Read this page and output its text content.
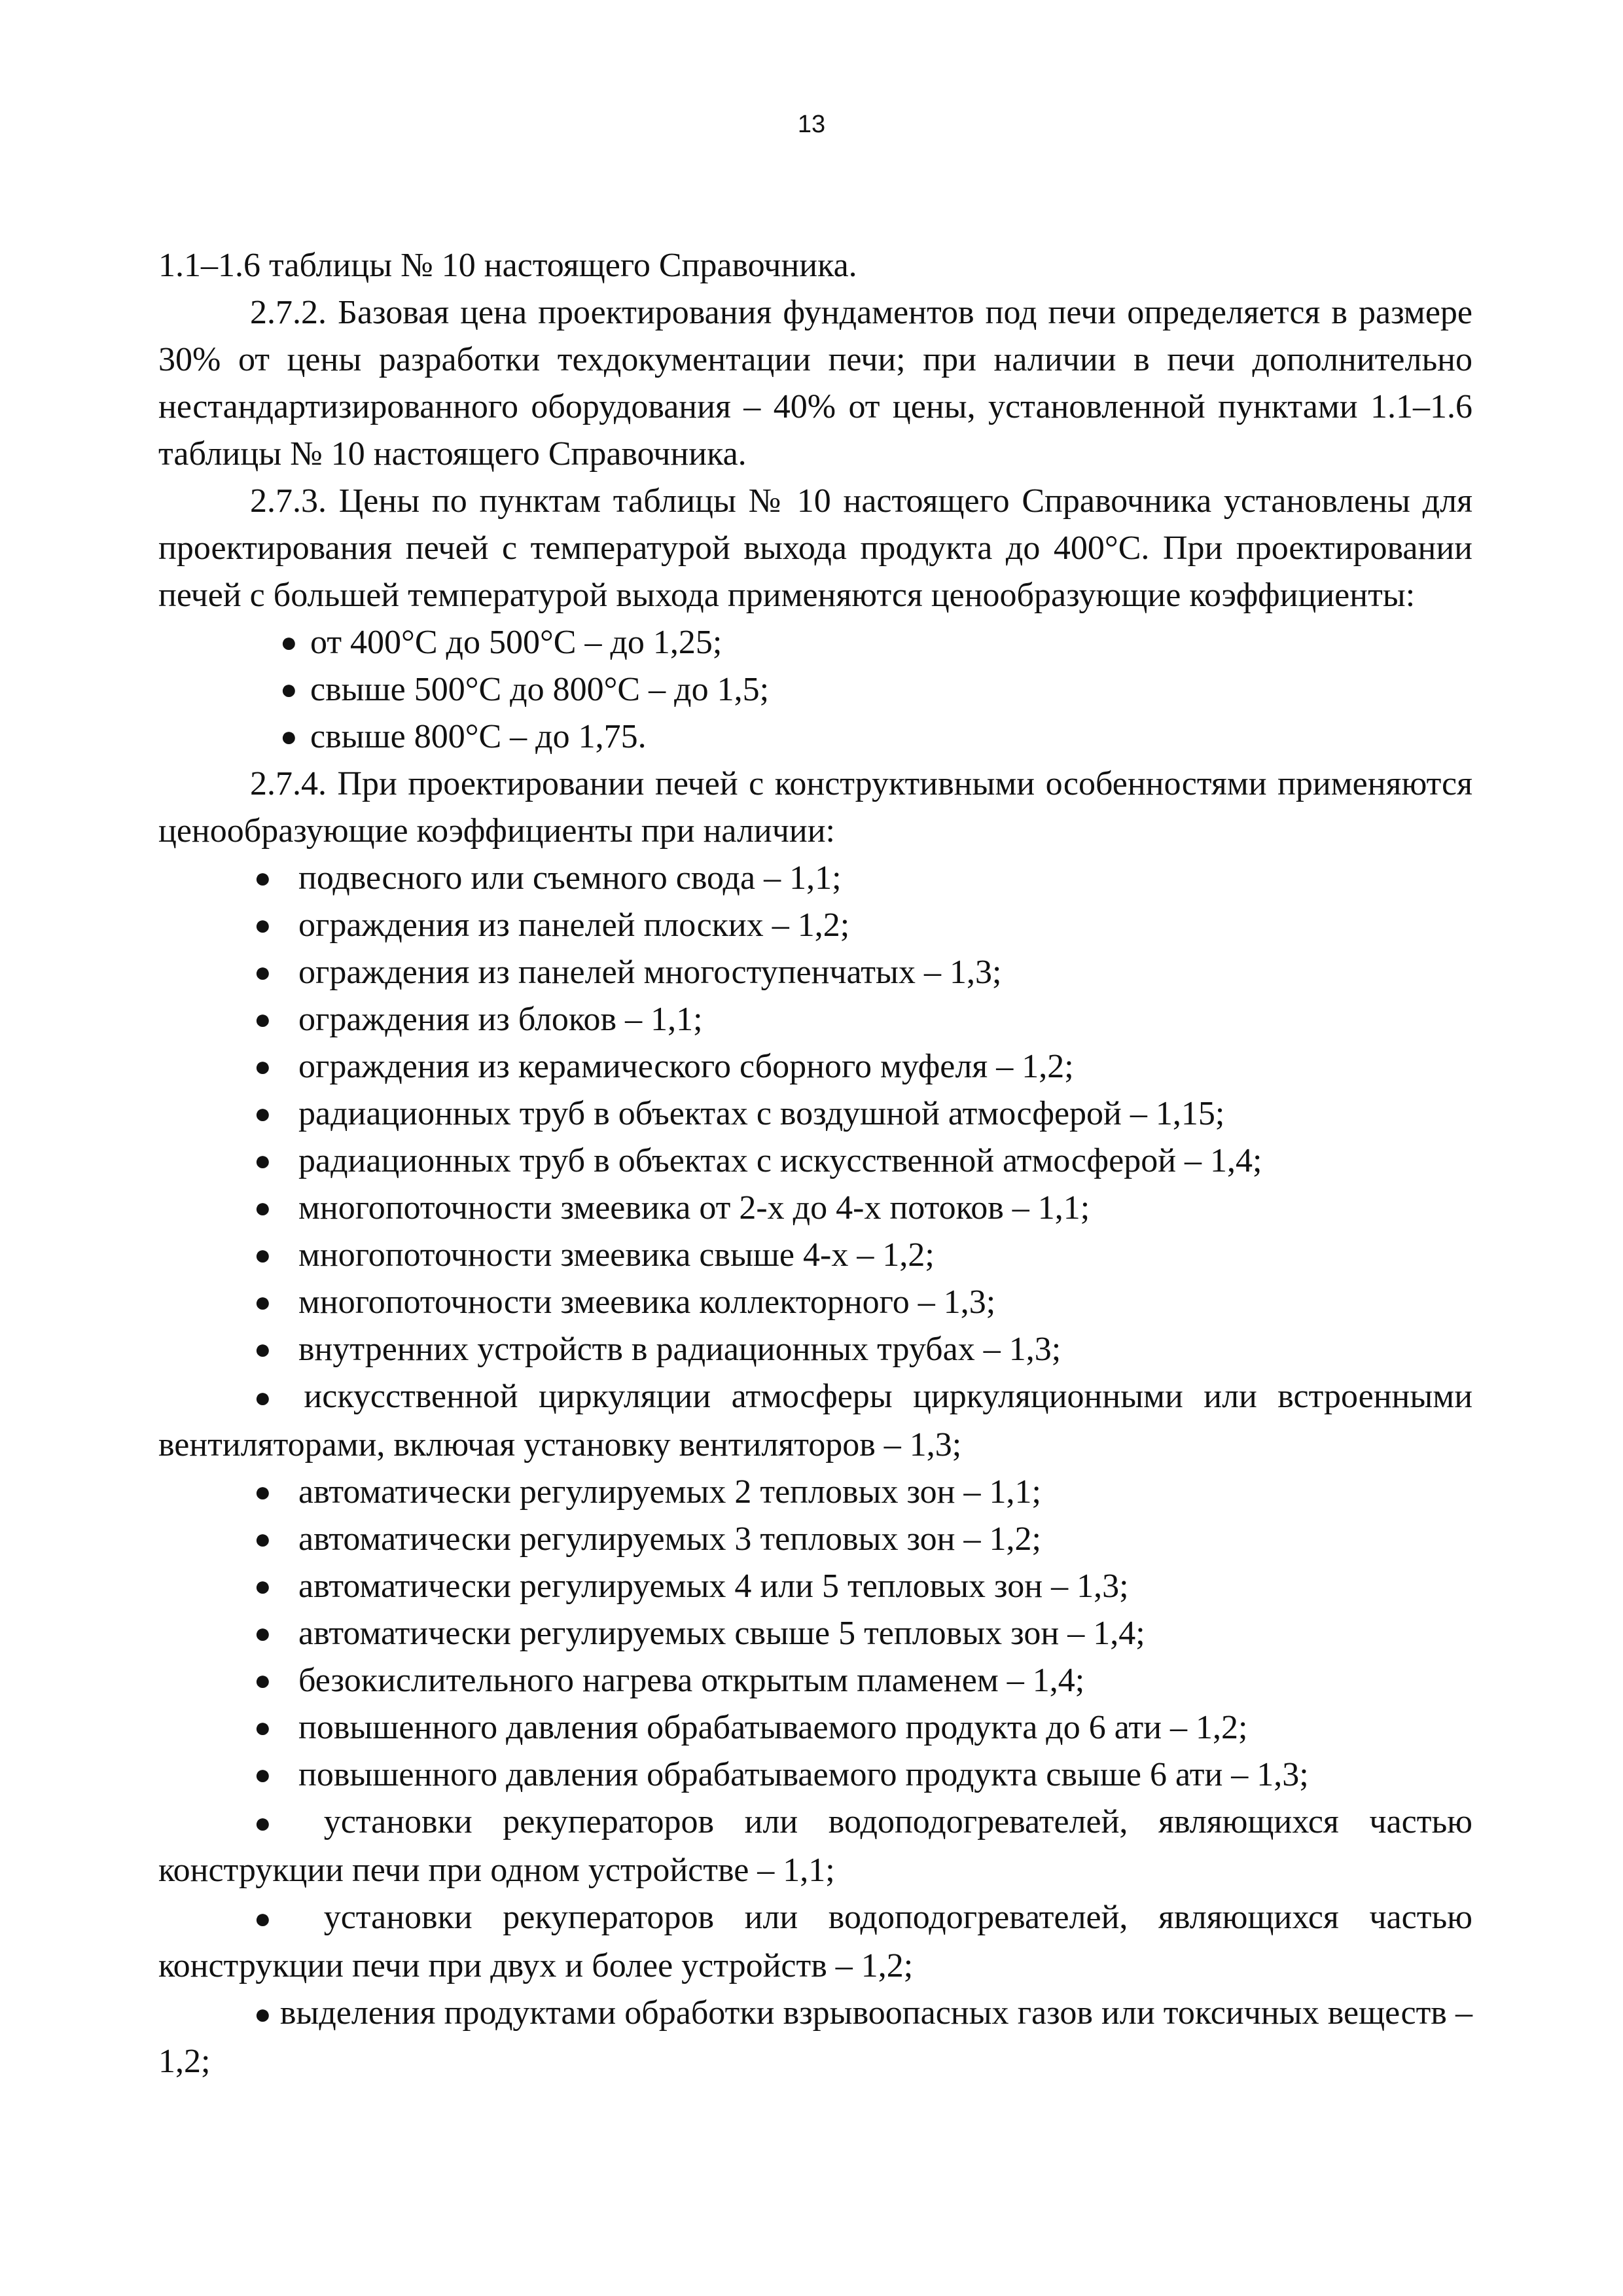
13

1.1–1.6 таблицы № 10 настоящего Справочника.

2.7.2. Базовая цена проектирования фундаментов под печи определяется в размере 30% от цены разработки техдокументации печи; при наличии в печи дополнительно нестандартизированного оборудования – 40% от цены, установленной пунктами 1.1–1.6 таблицы № 10 настоящего Справочника.

2.7.3. Цены по пунктам таблицы № 10 настоящего Справочника установлены для проектирования печей с температурой выхода продукта до 400°С. При проектировании печей с большей температурой выхода применяются ценообразующие коэффициенты:

● от 400°С до 500°С – до 1,25;
● свыше 500°С до 800°С – до 1,5;
● свыше 800°С – до 1,75.

2.7.4. При проектировании печей с конструктивными особенностями применяются ценообразующие коэффициенты при наличии:

● подвесного или съемного свода – 1,1;
● ограждения из панелей плоских – 1,2;
● ограждения из панелей многоступенчатых – 1,3;
● ограждения из блоков – 1,1;
● ограждения из керамического сборного муфеля – 1,2;
● радиационных труб в объектах с воздушной атмосферой – 1,15;
● радиационных труб в объектах с искусственной атмосферой – 1,4;
● многопоточности змеевика от 2-х до 4-х потоков – 1,1;
● многопоточности змеевика свыше 4-х – 1,2;
● многопоточности змеевика коллекторного – 1,3;
● внутренних устройств в радиационных трубах – 1,3;

● искусственной циркуляции атмосферы циркуляционными или встроенными вентиляторами, включая установку вентиляторов – 1,3;

● автоматически регулируемых 2 тепловых зон – 1,1;
● автоматически регулируемых 3 тепловых зон – 1,2;
● автоматически регулируемых 4 или 5 тепловых зон – 1,3;
● автоматически регулируемых свыше 5 тепловых зон – 1,4;
● безокислительного нагрева открытым пламенем – 1,4;
● повышенного давления обрабатываемого продукта до 6 ати – 1,2;
● повышенного давления обрабатываемого продукта свыше 6 ати – 1,3;

● установки рекуператоров или водоподогревателей, являющихся частью конструкции печи при одном устройстве – 1,1;

● установки рекуператоров или водоподогревателей, являющихся частью конструкции печи при двух и более устройств – 1,2;

● выделения продуктами обработки взрывоопасных газов или токсичных веществ – 1,2;
